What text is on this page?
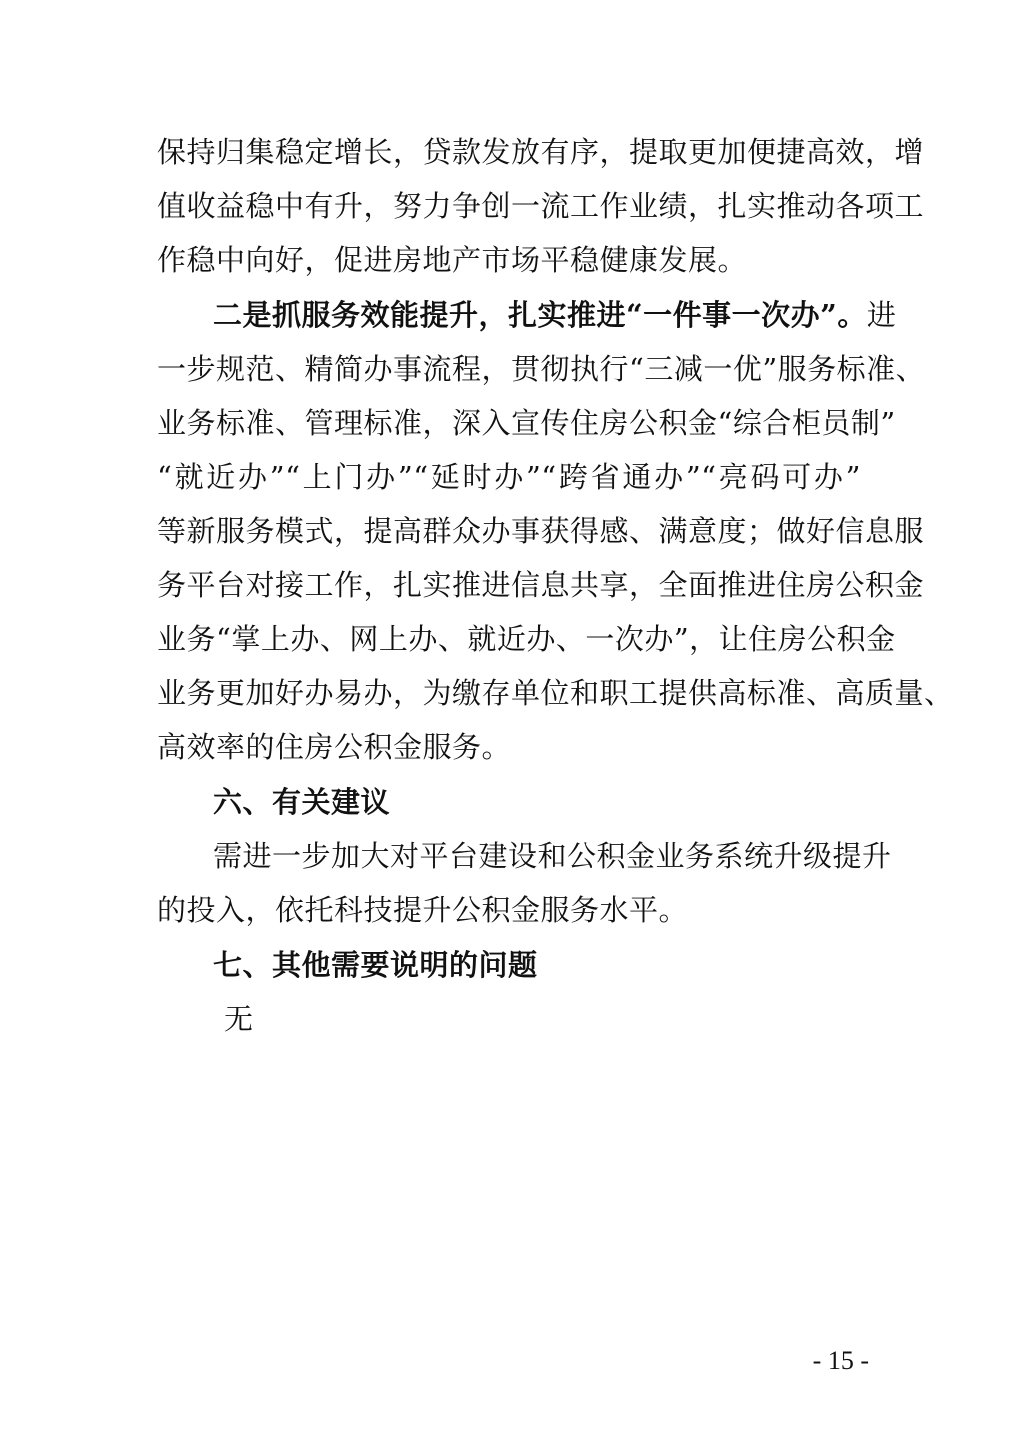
保持归集稳定增长，贷款发放有序，提取更加便捷高效，增
值收益稳中有升，努力争创一流工作业绩，扎实推动各项工
作稳中向好，促进房地产市场平稳健康发展。
二是抓服务效能提升，扎实推进“一件事一次办”。进
一步规范、精简办事流程，贯彻执行“三减一优”服务标准、
业务标准、管理标准，深入宣传住房公积金“综合柜员制”
“就近办”“上门办”“延时办”“跨省通办”“亮码可办”
等新服务模式，提高群众办事获得感、满意度；做好信息服
务平台对接工作，扎实推进信息共享，全面推进住房公积金
业务“掌上办、网上办、就近办、一次办”，让住房公积金
业务更加好办易办，为缴存单位和职工提供高标准、高质量、
高效率的住房公积金服务。
六、有关建议
需进一步加大对平台建设和公积金业务系统升级提升
的投入，依托科技提升公积金服务水平。
七、其他需要说明的问题
无
- 15 -
